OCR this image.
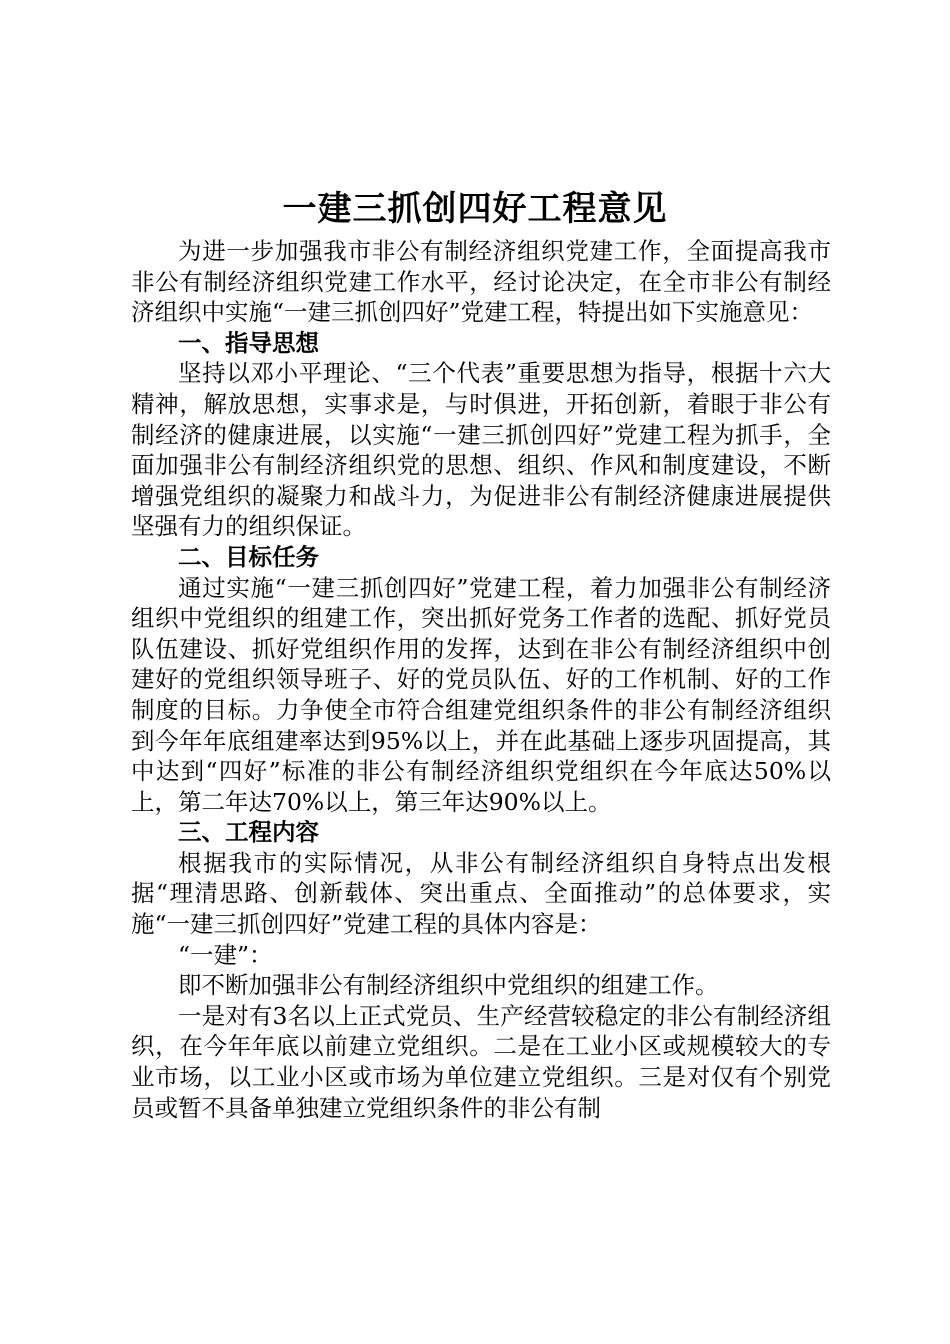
一建三抓创四好工程意见

为进一步加强我市非公有制经济组织党建工作，全面提高我市非公有制经济组织党建工作水平，经讨论决定，在全市非公有制经济组织中实施“一建三抓创四好”党建工程，特提出如下实施意见：

一、指导思想

坚持以邓小平理论、“三个代表”重要思想为指导，根据十六大精神，解放思想，实事求是，与时俱进，开拓创新，着眼于非公有制经济的健康进展，以实施“一建三抓创四好”党建工程为抓手，全面加强非公有制经济组织党的思想、组织、作风和制度建设，不断增强党组织的凝聚力和战斗力，为促进非公有制经济健康进展提供坚强有力的组织保证。

二、目标任务

通过实施“一建三抓创四好”党建工程，着力加强非公有制经济组织中党组织的组建工作，突出抓好党务工作者的选配、抓好党员队伍建设、抓好党组织作用的发挥，达到在非公有制经济组织中创建好的党组织领导班子、好的党员队伍、好的工作机制、好的工作制度的目标。力争使全市符合组建党组织条件的非公有制经济组织到今年年底组建率达到95%以上，并在此基础上逐步巩固提高，其中达到“四好”标准的非公有制经济组织党组织在今年底达50%以上，第二年达70%以上，第三年达90%以上。

三、工程内容

根据我市的实际情况，从非公有制经济组织自身特点出发根据“理清思路、创新载体、突出重点、全面推动”的总体要求，实施“一建三抓创四好”党建工程的具体内容是：

“一建”：

即不断加强非公有制经济组织中党组织的组建工作。

一是对有3名以上正式党员、生产经营较稳定的非公有制经济组织，在今年年底以前建立党组织。二是在工业小区或规模较大的专业市场，以工业小区或市场为单位建立党组织。三是对仅有个别党员或暂不具备单独建立党组织条件的非公有制
